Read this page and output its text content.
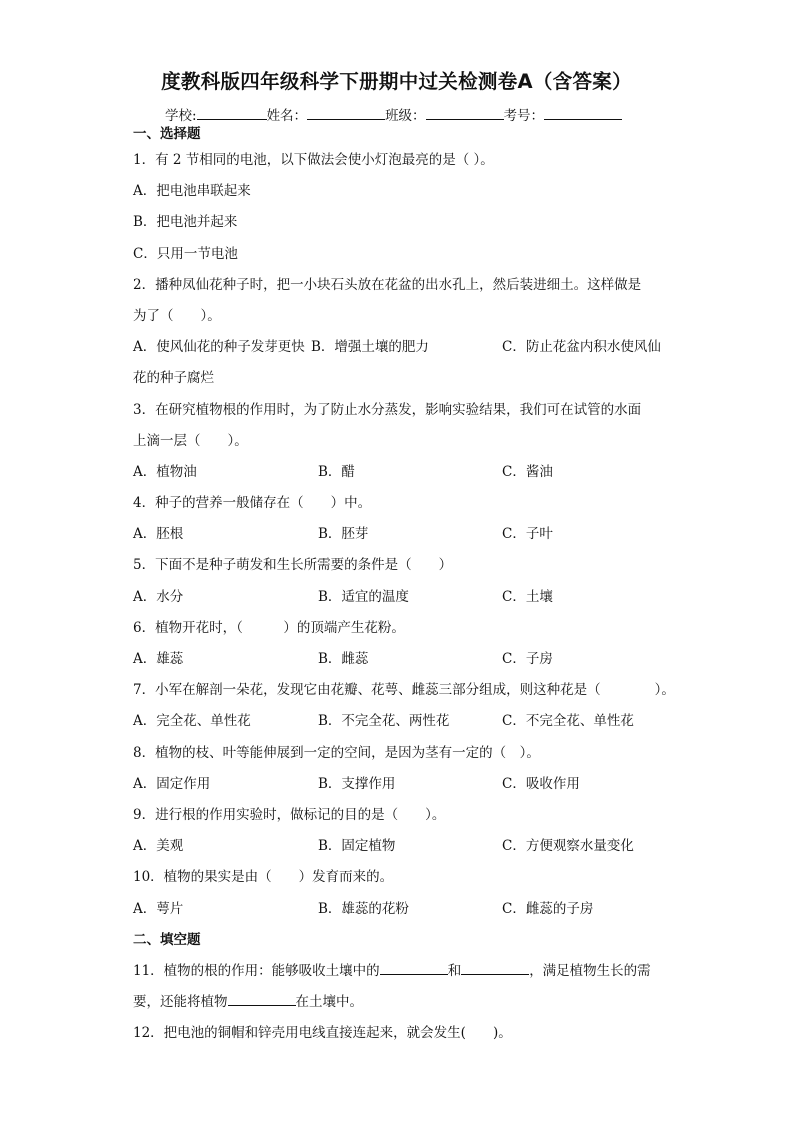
度教科版四年级科学下册期中过关检测卷A（含答案）
学校:	姓名：	班级：	考号：
一、选择题
1．有 2 节相同的电池，以下做法会使小灯泡最亮的是（ ）。
A．把电池串联起来
B．把电池并起来
C．只用一节电池
2．播种凤仙花种子时，把一小块石头放在花盆的出水孔上，然后装进细土。这样做是
为了（　　）。
A．使风仙花的种子发芽更快 B．增强土壤的肥力	C．防止花盆内积水使风仙
花的种子腐烂
3．在研究植物根的作用时，为了防止水分蒸发，影响实验结果，我们可在试管的水面
上滴一层（　　）。
A．植物油	B．醋	C．酱油
4．种子的营养一般储存在（　　）中。
A．胚根	B．胚芽	C．子叶
5．下面不是种子萌发和生长所需要的条件是（　　）
A．水分	B．适宜的温度	C．土壤
6．植物开花时，（　　　）的顶端产生花粉。
A．雄蕊	B．雌蕊	C．子房
7．小军在解剖一朵花，发现它由花瓣、花萼、雌蕊三部分组成，则这种花是（　　　　）。
A．完全花、单性花	B．不完全花、两性花	C．不完全花、单性花
8．植物的枝、叶等能伸展到一定的空间，是因为茎有一定的（　）。
A．固定作用	B．支撑作用	C．吸收作用
9．进行根的作用实验时，做标记的目的是（　　）。
A．美观	B．固定植物	C．方便观察水量变化
10．植物的果实是由（　　）发育而来的。
A．萼片	B．雄蕊的花粉	C．雌蕊的子房
二、填空题
11．植物的根的作用：能够吸收土壤中的	和	，满足植物生长的需
要，还能将植物	在土壤中。
12．把电池的铜帽和锌壳用电线直接连起来，就会发生(　　)。
